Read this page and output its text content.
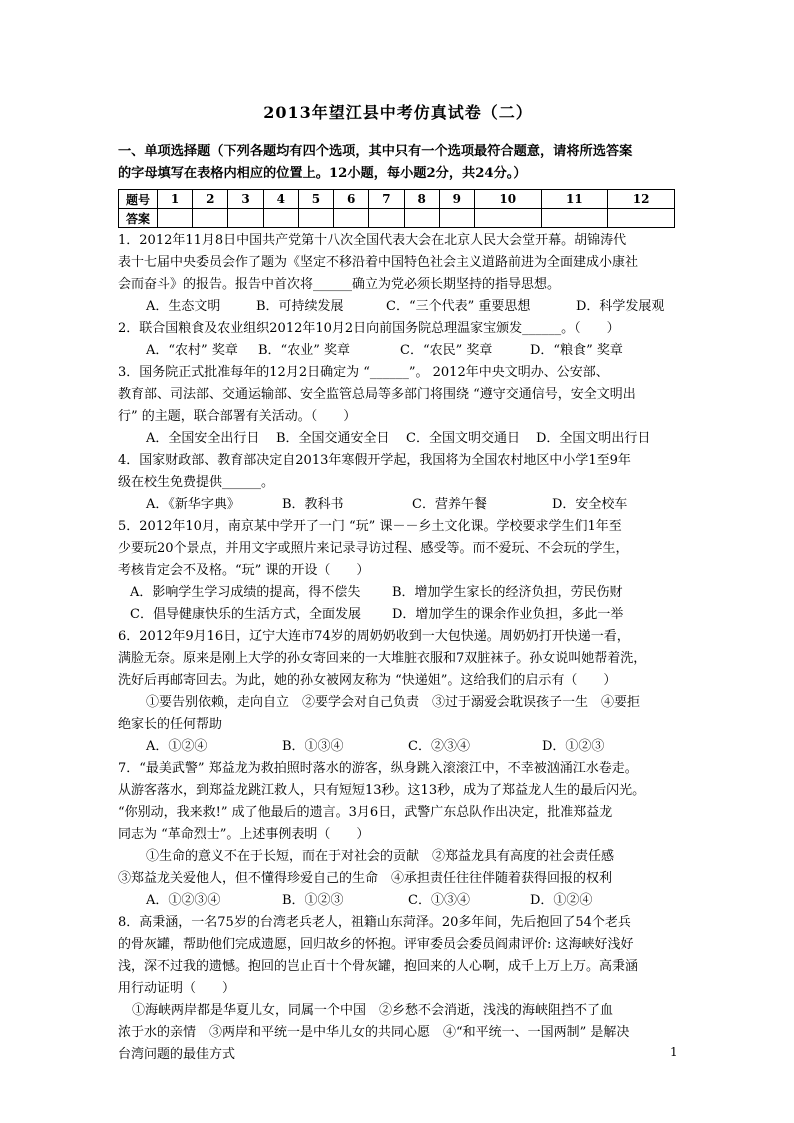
2013年望江县中考仿真试卷（二）

一、单项选择题（下列各题均有四个选项，其中只有一个选项最符合题意，请将所选答案

的字母填写在表格内相应的位置上。12小题，每小题2分，共24分。）

题号	1	2	3	4	5	6	7	8	9	10	11	12
答案												

1．2012年11月8日中国共产党第十八次全国代表大会在北京人民大会堂开幕。胡锦涛代

表十七届中央委员会作了题为《坚定不移沿着中国特色社会主义道路前进为全面建成小康社

会而奋斗》的报告。报告中首次将______确立为党必须长期坚持的指导思想。

A．生态文明	B．可持续发展	C．“三个代表” 重要思想	D．科学发展观

2．联合国粮食及农业组织2012年10月2日向前国务院总理温家宝颁发______。（　　）

A．“农村” 奖章	B．“农业” 奖章	C．“农民” 奖章	D．“粮食” 奖章

3．国务院正式批准每年的12月2日确定为 “______”。 2012年中央文明办、公安部、

教育部、司法部、交通运输部、安全监管总局等多部门将围绕 “遵守交通信号，安全文明出

行” 的主题，联合部署有关活动。（　　）

A．全国安全出行日	B．全国交通安全日	C．全国文明交通日	D．全国文明出行日

4．国家财政部、教育部决定自2013年寒假开学起，我国将为全国农村地区中小学1至9年

级在校生免费提供______。

A．《新华字典》	B．教科书	C．营养午餐	D．安全校车

5．2012年10月，南京某中学开了一门 “玩” 课－－乡土文化课。学校要求学生们1年至

少要玩20个景点，并用文字或照片来记录寻访过程、感受等。而不爱玩、不会玩的学生，

考核肯定会不及格。“玩” 课的开设（　　）

A．影响学生学习成绩的提高，得不偿失	B．增加学生家长的经济负担，劳民伤财
C．倡导健康快乐的生活方式，全面发展	D．增加学生的课余作业负担，多此一举

6．2012年9月16日，辽宁大连市74岁的周奶奶收到一大包快递。周奶奶打开快递一看，

满脸无奈。原来是刚上大学的孙女寄回来的一大堆脏衣服和7双脏袜子。孙女说叫她帮着洗，

洗好后再邮寄回去。为此，她的孙女被网友称为 “快递姐”。这给我们的启示有（　　）

①要告别依赖，走向自立　②要学会对自己负责　③过于溺爱会耽误孩子一生　④要拒

绝家长的任何帮助

A．①②④	B．①③④	C．②③④	D．①②③

7．“最美武警” 郑益龙为救拍照时落水的游客，纵身跳入滚滚江中，不幸被汹涌江水卷走。

从游客落水，到郑益龙跳江救人，只有短短13秒。这13秒，成为了郑益龙人生的最后闪光。

“你别动，我来救!” 成了他最后的遗言。3月6日，武警广东总队作出决定，批准郑益龙

同志为 “革命烈士”。上述事例表明（　　）

①生命的意义不在于长短，而在于对社会的贡献　②郑益龙具有高度的社会责任感

③郑益龙关爱他人，但不懂得珍爱自己的生命　④承担责任往往伴随着获得回报的权利

A．①②③④	B．①②③	C．①③④	D．①②④

8．高秉涵，一名75岁的台湾老兵老人，祖籍山东菏泽。20多年间，先后抱回了54个老兵

的骨灰罐，帮助他们完成遗愿，回归故乡的怀抱。评审委员会委员阎肃评价: 这海峡好浅好

浅，深不过我的遗憾。抱回的岂止百十个骨灰罐，抱回来的人心啊，成千上万上万。高秉涵

用行动证明（　　）

①海峡两岸都是华夏儿女，同属一个中国　②乡愁不会消逝，浅浅的海峡阻挡不了血

浓于水的亲情　③两岸和平统一是中华儿女的共同心愿　④“和平统一、一国两制” 是解决

台湾问题的最佳方式	1
